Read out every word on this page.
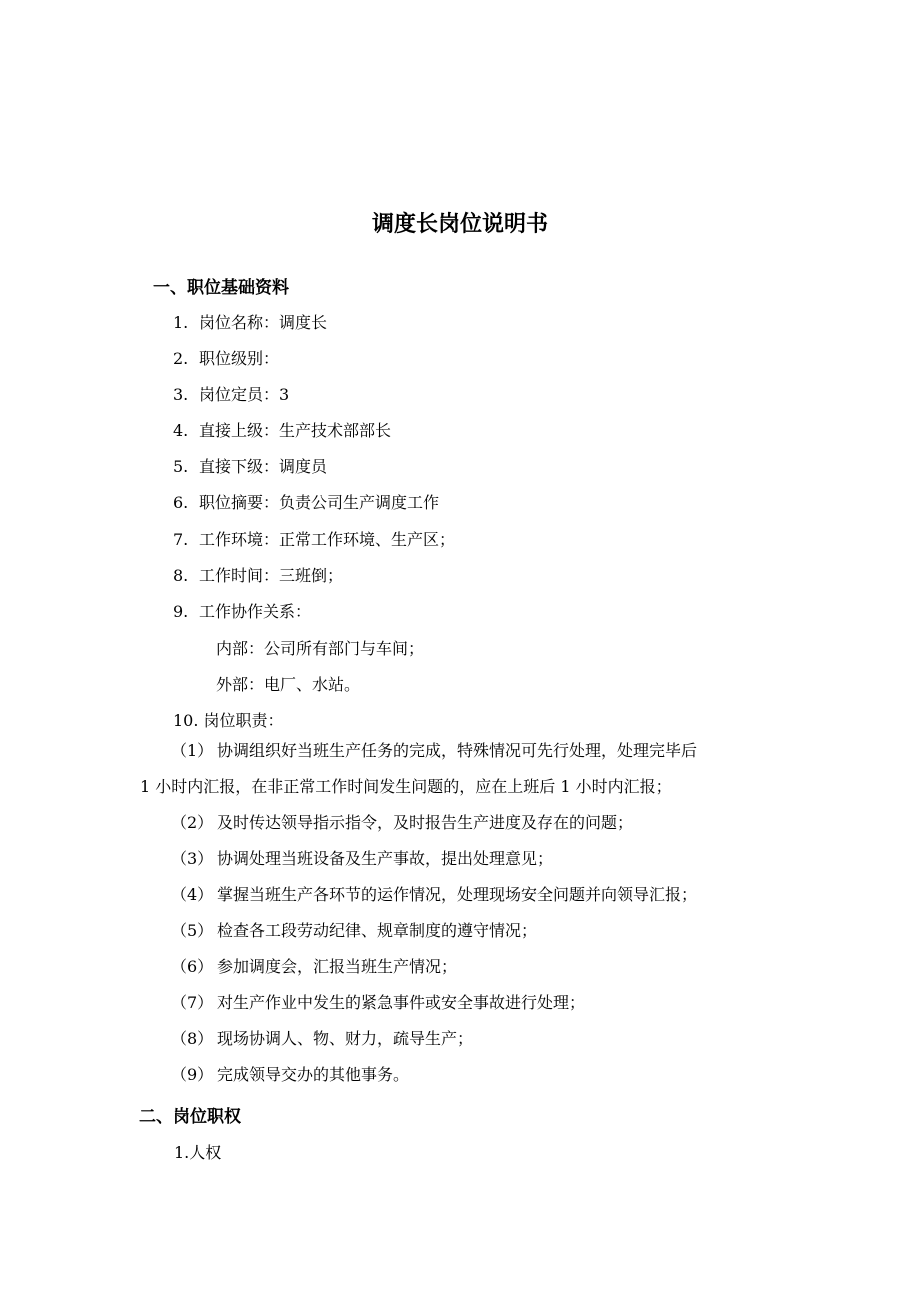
调度长岗位说明书
一、职位基础资料
1. 岗位名称：调度长
2. 职位级别：
3. 岗位定员：3
4. 直接上级：生产技术部部长
5. 直接下级：调度员
6. 职位摘要：负责公司生产调度工作
7. 工作环境：正常工作环境、生产区；
8. 工作时间：三班倒；
9. 工作协作关系：
内部：公司所有部门与车间；
外部：电厂、水站。
10. 岗位职责：
（1） 协调组织好当班生产任务的完成，特殊情况可先行处理，处理完毕后
1 小时内汇报，在非正常工作时间发生问题的，应在上班后 1 小时内汇报；
（2） 及时传达领导指示指令，及时报告生产进度及存在的问题；
（3） 协调处理当班设备及生产事故，提出处理意见；
（4） 掌握当班生产各环节的运作情况，处理现场安全问题并向领导汇报；
（5） 检查各工段劳动纪律、规章制度的遵守情况；
（6） 参加调度会，汇报当班生产情况；
（7） 对生产作业中发生的紧急事件或安全事故进行处理；
（8） 现场协调人、物、财力，疏导生产；
（9） 完成领导交办的其他事务。
二、岗位职权
1.人权
